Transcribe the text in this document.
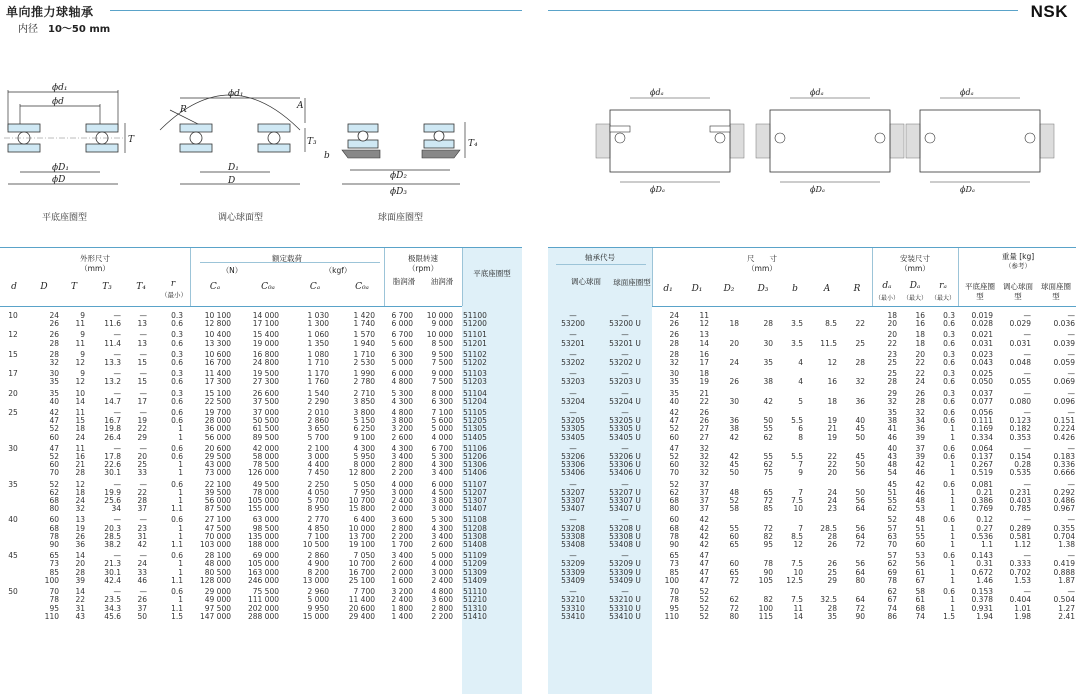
单向推力球轴承
内径 10～50 mm
NSK
ϕd₁
ϕd
ϕD₁
ϕD
T
平底座圈型
ϕd₁
R	A
T₃
D₁
D
调心球面型
b
T₄
ϕD₂
ϕD₃
球面座圈型
ϕdₐ
ϕDₐ
ϕdₐ
ϕDₐ
ϕdₐ
ϕDₐ
外形尺寸
（mm）
额定载荷
（N）	（kgf）
极限转速
（rpm）
脂润滑	油润滑
平底座圈型
d	D	T	T₃	T₄	r
（最小）
Cₐ	C₀ₐ	Cₐ	C₀ₐ
10	24	9	—	—	0.3	10 100	14 000	1 030	1 420	6 700	10 000		51100
	26	11	11.6	13	0.6	12 800	17 100	1 300	1 740	6 000	9 000		51200
12	26	9	—	—	0.3	10 400	15 400	1 060	1 570	6 700	10 000		51101
	28	11	11.4	13	0.6	13 300	19 000	1 350	1 940	5 600	8 500		51201
15	28	9	—	—	0.3	10 600	16 800	1 080	1 710	6 300	9 500		51102
	32	12	13.3	15	0.6	16 700	24 800	1 710	2 530	5 000	7 500		51202
17	30	9	—	—	0.3	11 400	19 500	1 170	1 990	6 000	9 000		51103
	35	12	13.2	15	0.6	17 300	27 300	1 760	2 780	4 800	7 500		51203
20	35	10	—	—	0.3	15 100	26 600	1 540	2 710	5 300	8 000		51104
	40	14	14.7	17	0.6	22 500	37 500	2 290	3 850	4 300	6 300		51204
25	42	11	—	—	0.6	19 700	37 000	2 010	3 800	4 800	7 100		51105
	47	15	16.7	19	0.6	28 000	50 500	2 860	5 150	3 800	5 600		51205
	52	18	19.8	22	1	36 000	61 500	3 650	6 250	3 200	5 000		51305
	60	24	26.4	29	1	56 000	89 500	5 700	9 100	2 600	4 000		51405
30	47	11	—	—	0.6	20 600	42 000	2 100	4 300	4 300	6 700		51106
	52	16	17.8	20	0.6	29 500	58 000	3 000	5 950	3 400	5 300		51206
	60	21	22.6	25	1	43 000	78 500	4 400	8 000	2 800	4 300		51306
	70	28	30.1	33	1	73 000	126 000	7 450	12 800	2 200	3 400		51406
35	52	12	—	—	0.6	22 100	49 500	2 250	5 050	4 000	6 000		51107
	62	18	19.9	22	1	39 500	78 000	4 050	7 950	3 000	4 500		51207
	68	24	25.6	28	1	56 000	105 000	5 700	10 700	2 400	3 800		51307
	80	32	34	37	1.1	87 500	155 000	8 950	15 800	2 000	3 000		51407
40	60	13	—	—	0.6	27 100	63 000	2 770	6 400	3 600	5 300		51108
	68	19	20.3	23	1	47 500	98 500	4 850	10 000	2 800	4 300		51208
	78	26	28.5	31	1	70 000	135 000	7 100	13 700	2 200	3 400		51308
	90	36	38.2	42	1.1	103 000	188 000	10 500	19 100	1 700	2 600		51408
45	65	14	—	—	0.6	28 100	69 000	2 860	7 050	3 400	5 000		51109
	73	20	21.3	24	1	48 000	105 000	4 900	10 700	2 600	4 000		51209
	85	28	30.1	33	1	80 500	163 000	8 200	16 700	2 000	3 000		51309
	100	39	42.4	46	1.1	128 000	246 000	13 000	25 100	1 600	2 400		51409
50	70	14	—	—	0.6	29 000	75 500	2 960	7 700	3 200	4 800		51110
	78	22	23.5	26	1	49 000	111 000	5 000	11 400	2 400	3 600		51210
	95	31	34.3	37	1.1	97 500	202 000	9 950	20 600	1 800	2 800		51310
	110	43	45.6	50	1.5	147 000	288 000	15 000	29 400	1 400	2 200		51410
轴承代号
调心球面	球面座圈型
尺　　寸
（mm）
安装尺寸
（mm）
重量 [kg]
（参考）
平底座圈型
调心球面型
球面座圈型
d₁	D₁	D₂	D₃	b	A	R	dₐ	Dₐ	rₐ
（最小） （最大） （最大）
—	—	24	11							18	16	0.3	0.019	—	—
53200	53200 U	26	12	18	28	3.5	8.5	22		20	16	0.6	0.028	0.029	0.036
—	—	26	13							20	18	0.3	0.021	—	—
53201	53201 U	28	14	20	30	3.5	11.5	25		22	18	0.6	0.031	0.031	0.039
—	—	28	16							23	20	0.3	0.023	—	—
53202	53202 U	32	17	24	35	4	12	28		25	22	0.6	0.043	0.048	0.059
—	—	30	18							25	22	0.3	0.025	—	—
53203	53203 U	35	19	26	38	4	16	32		28	24	0.6	0.050	0.055	0.069
—	—	35	21							29	26	0.3	0.037	—	—
53204	53204 U	40	22	30	42	5	18	36		32	28	0.6	0.077	0.080	0.096
—	—	42	26							35	32	0.6	0.056	—	—
53205	53205 U	47	26	36	50	5.5	19	40		38	34	0.6	0.111	0.123	0.151
53305	53305 U	52	27	38	55	6	21	45		41	36	1	0.169	0.182	0.224
53405	53405 U	60	27	42	62	8	19	50		46	39	1	0.334	0.353	0.426
—	—	47	32							40	37	0.6	0.064	—	—
53206	53206 U	52	32	42	55	5.5	22	45		43	39	0.6	0.137	0.154	0.183
53306	53306 U	60	32	45	62	7	22	50		48	42	1	0.267	0.28	0.336
53406	53406 U	70	32	50	75	9	20	56		54	46	1	0.519	0.535	0.666
—	—	52	37							45	42	0.6	0.081	—	—
53207	53207 U	62	37	48	65	7	24	50		51	46	1	0.21	0.231	0.292
53307	53307 U	68	37	52	72	7.5	24	56		55	48	1	0.386	0.403	0.486
53407	53407 U	80	37	58	85	10	23	64		62	53	1	0.769	0.785	0.967
—	—	60	42							52	48	0.6	0.12	—	—
53208	53208 U	68	42	55	72	7	28.5	56		57	51	1	0.27	0.289	0.355
53308	53308 U	78	42	60	82	8.5	28	64		63	55	1	0.536	0.581	0.704
53408	53408 U	90	42	65	95	12	26	72		70	60	1	1.1	1.12	1.38
—	—	65	47							57	53	0.6	0.143	—	—
53209	53209 U	73	47	60	78	7.5	26	56		62	56	1	0.31	0.333	0.419
53309	53309 U	85	47	65	90	10	25	64		69	61	1	0.672	0.702	0.888
53409	53409 U	100	47	72	105	12.5	29	80		78	67	1	1.46	1.53	1.87
—	—	70	52							62	58	0.6	0.153	—	—
53210	53210 U	78	52	62	82	7.5	32.5	64		67	61	1	0.378	0.404	0.504
53310	53310 U	95	52	72	100	11	28	72		74	68	1	0.931	1.01	1.27
53410	53410 U	110	52	80	115	14	35	90		86	74	1.5	1.94	1.98	2.41
